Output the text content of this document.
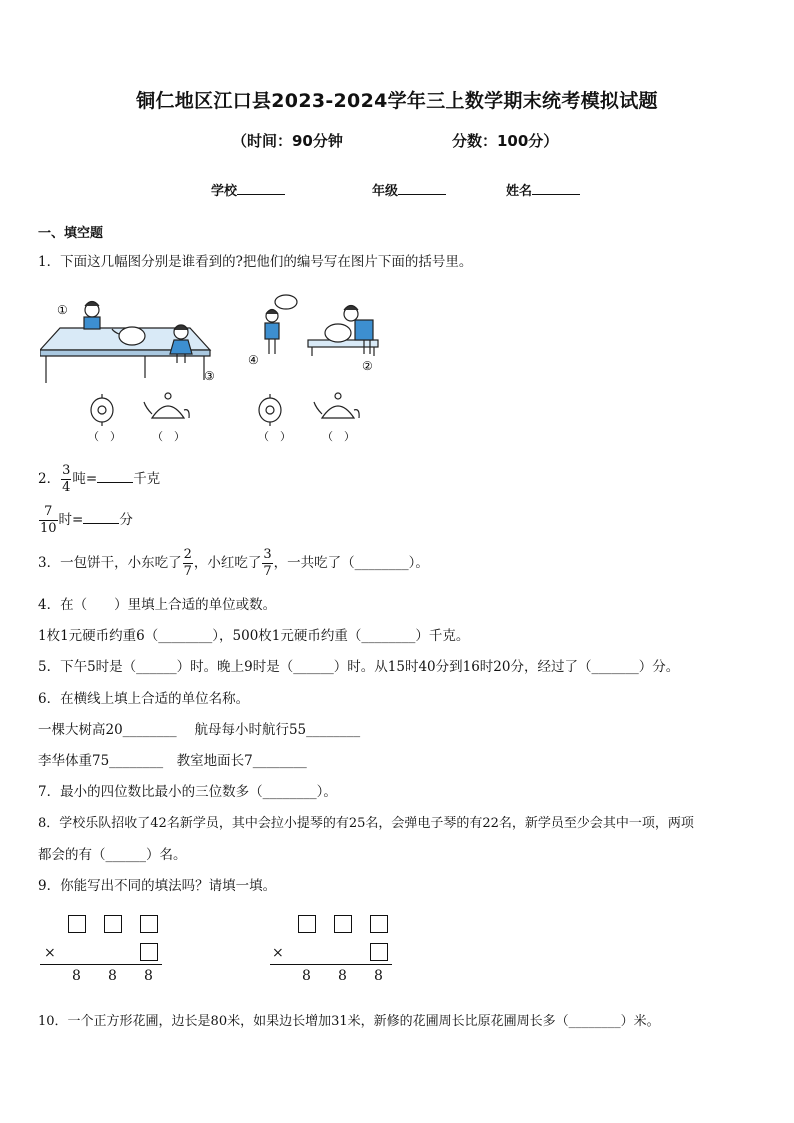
铜仁地区江口县2023-2024学年三上数学期末统考模拟试题
（时间：90分钟	分数：100分）
学校	年级	姓名
一、填空题
1．下面这几幅图分别是谁看到的?把他们的编号写在图片下面的括号里。
①
③
④	②
（　）	（　）	（　）	（　）
2． $\frac{3}{4}$ 吨=	千克
$\frac{7}{10}$ 时=	分
3．一包饼干，小东吃了 $\frac{2}{7}$ ，小红吃了 $\frac{3}{7}$ ，一共吃了（________）。
4．在（　　）里填上合适的单位或数。
1枚1元硬币约重6（________），500枚1元硬币约重（________）千克。
5．下午5时是（______）时。晚上9时是（______）时。从15时40分到16时20分，经过了（_______）分。
6．在横线上填上合适的单位名称。
一棵大树高20________　 航母每小时航行55________
李华体重75________　教室地面长7________
7．最小的四位数比最小的三位数多（________）。
8．学校乐队招收了42名新学员，其中会拉小提琴的有25名，会弹电子琴的有22名，新学员至少会其中一项，两项
都会的有（______）名。
9．你能写出不同的填法吗？请填一填。
×
8 8 8
×
8 8 8
10．一个正方形花圃，边长是80米，如果边长增加31米，新修的花圃周长比原花圃周长多（________）米。
